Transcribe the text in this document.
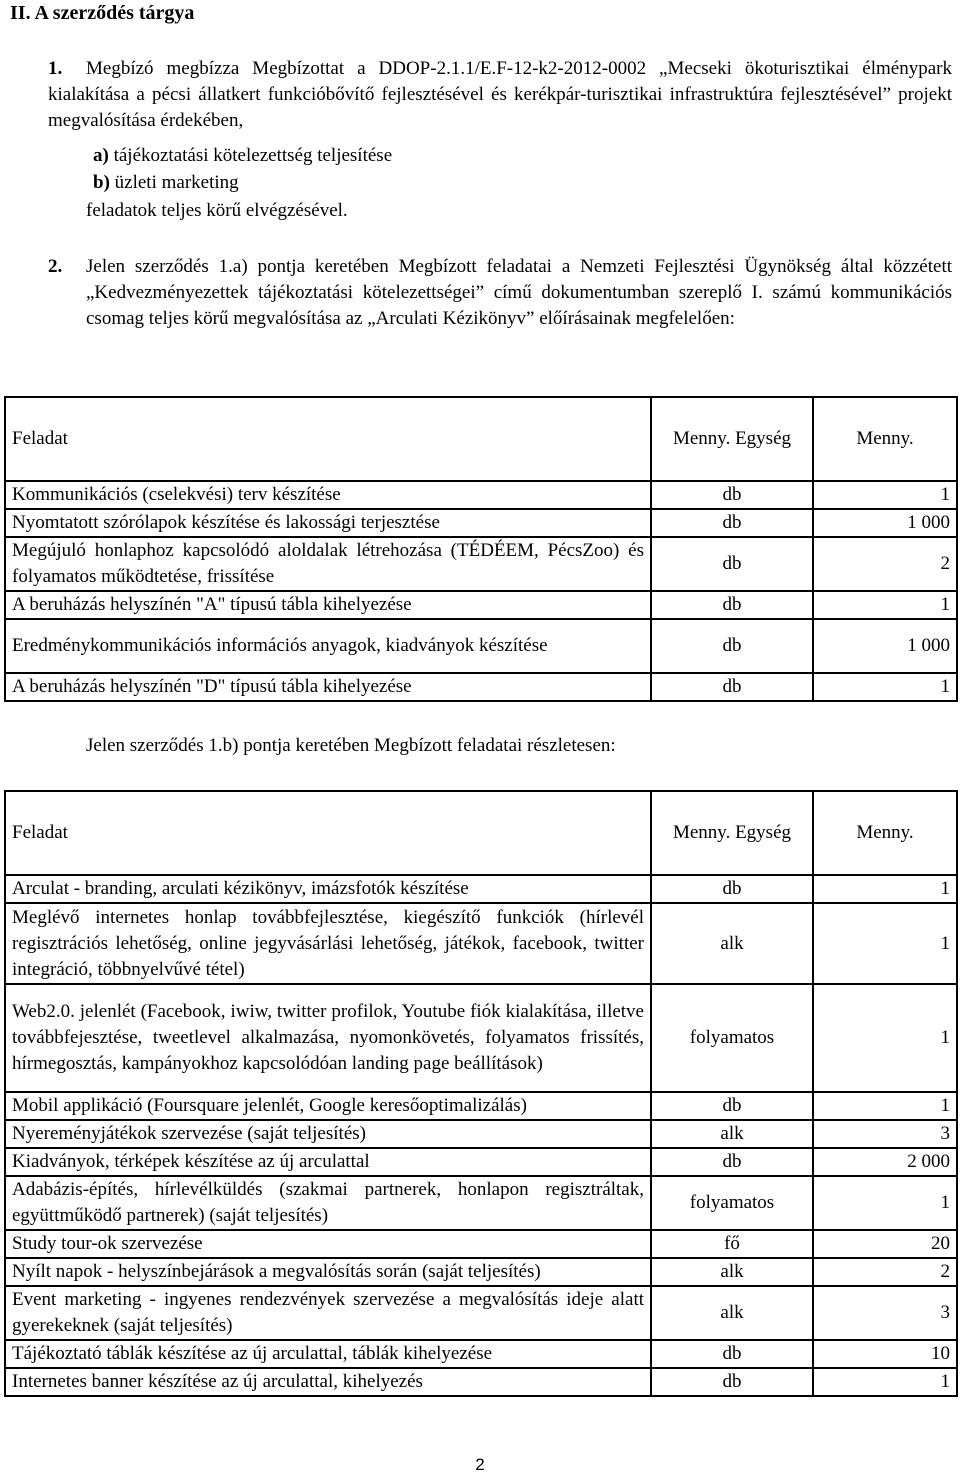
II. A szerződés tárgya
1.	Megbízó megbízza Megbízottat a DDOP-2.1.1/E.F-12-k2-2012-0002 „Mecseki ökoturisztikai élménypark kialakítása a pécsi állatkert funkcióbővítő fejlesztésével és kerékpár-turisztikai infrastruktúra fejlesztésével” projekt megvalósítása érdekében,
a) tájékoztatási kötelezettség teljesítése
b) üzleti marketing
feladatok teljes körű elvégzésével.
2. Jelen szerződés 1.a) pontja keretében Megbízott feladatai a Nemzeti Fejlesztési Ügynökség által közzétett „Kedvezményezettek tájékoztatási kötelezettségei” című dokumentumban szereplő I. számú kommunikációs csomag teljes körű megvalósítása az „Arculati Kézikönyv” előírásainak megfelelően:
Feladat	Menny. Egység	Menny.
Kommunikációs (cselekvési) terv készítése	db	1
Nyomtatott szórólapok készítése és lakossági terjesztése	db	1 000
Megújuló honlaphoz kapcsolódó aloldalak létrehozása (TÉDÉEM, PécsZoo) és folyamatos működtetése, frissítése	db	2
A beruházás helyszínén "A" típusú tábla kihelyezése	db	1
Eredménykommunikációs információs anyagok, kiadványok készítése	db	1 000
A beruházás helyszínén "D" típusú tábla kihelyezése	db	1
Jelen szerződés 1.b) pontja keretében Megbízott feladatai részletesen:
Feladat	Menny. Egység	Menny.
Arculat - branding, arculati kézikönyv, imázsfotók készítése	db	1
Meglévő internetes honlap továbbfejlesztése, kiegészítő funkciók (hírlevél regisztrációs lehetőség, online jegyvásárlási lehetőség, játékok, facebook, twitter integráció, többnyelvűvé tétel)	alk	1
Web2.0. jelenlét (Facebook, iwiw, twitter profilok, Youtube fiók kialakítása, illetve továbbfejesztése, tweetlevel alkalmazása, nyomonkövetés, folyamatos frissítés, hírmegosztás, kampányokhoz kapcsolódóan landing page beállítások)	folyamatos	1
Mobil applikáció (Foursquare jelenlét, Google keresőoptimalizálás)	db	1
Nyereményjátékok szervezése (saját teljesítés)	alk	3
Kiadványok, térképek készítése az új arculattal	db	2 000
Adabázis-építés, hírlevélküldés (szakmai partnerek, honlapon regisztráltak, együttműködő partnerek) (saját teljesítés)	folyamatos	1
Study tour-ok szervezése	fő	20
Nyílt napok - helyszínbejárások a megvalósítás során (saját teljesítés)	alk	2
Event marketing - ingyenes rendezvények szervezése a megvalósítás ideje alatt gyerekeknek (saját teljesítés)	alk	3
Tájékoztató táblák készítése az új arculattal, táblák kihelyezése	db	10
Internetes banner készítése az új arculattal, kihelyezés	db	1
2
